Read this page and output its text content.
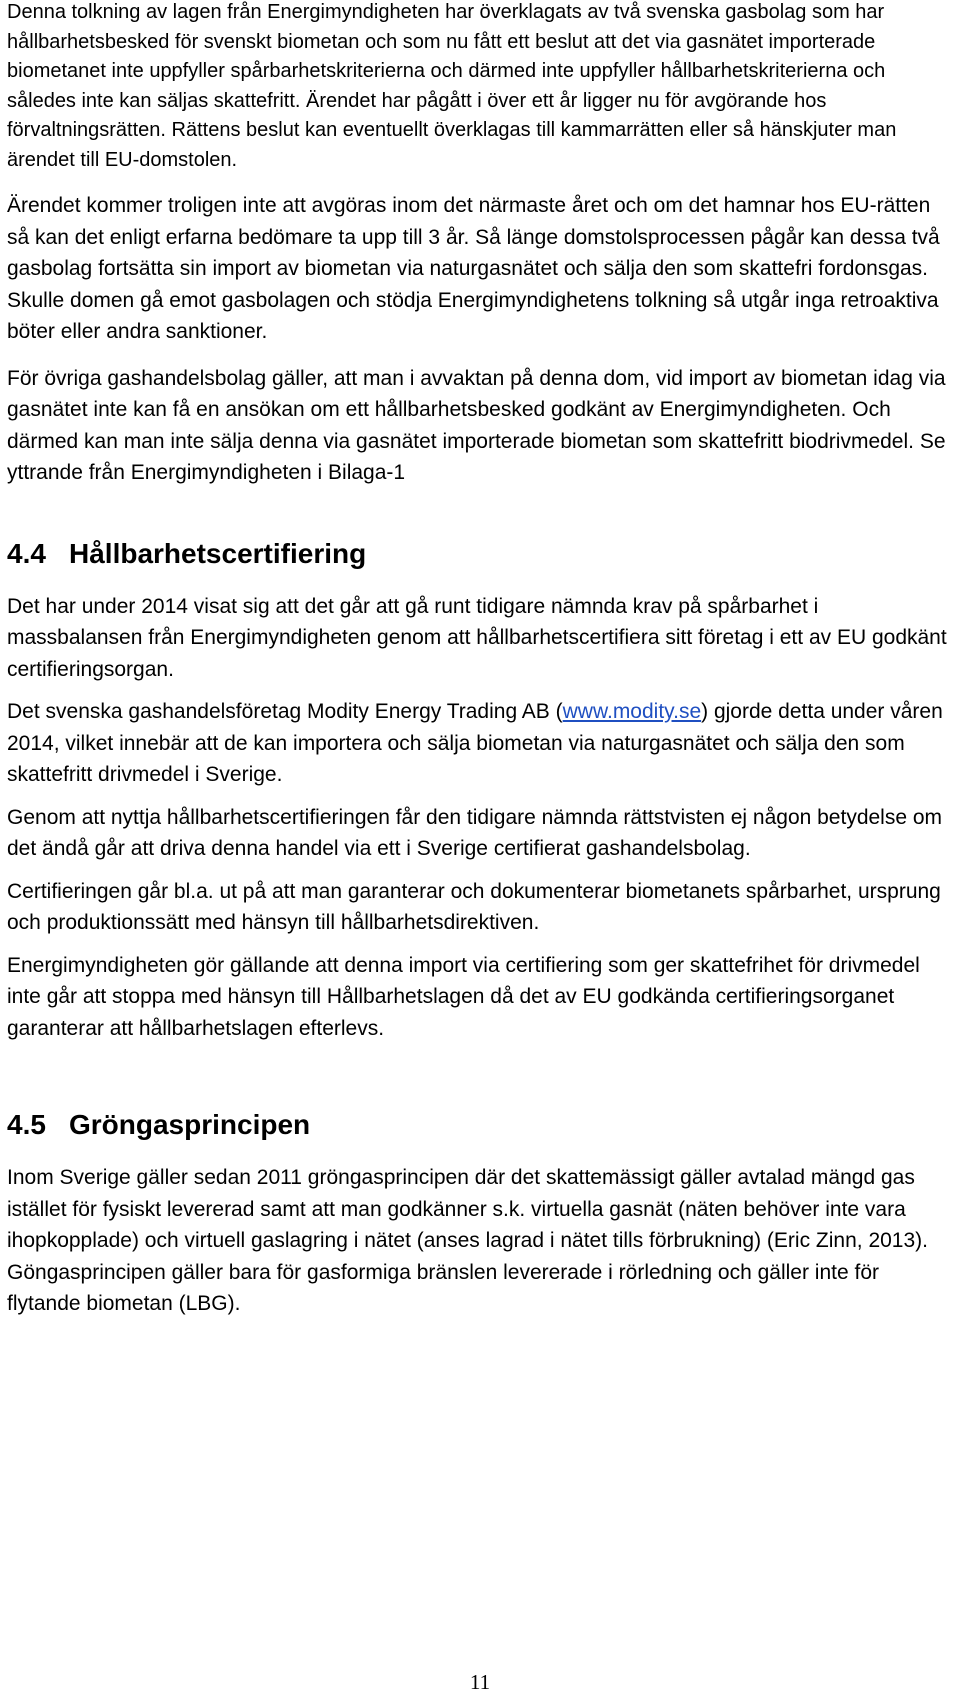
Denna tolkning av lagen från Energimyndigheten har överklagats av två svenska gasbolag som har hållbarhetsbesked för svenskt biometan och som nu fått ett beslut att det via gasnätet importerade biometanet inte uppfyller spårbarhetskriterierna och därmed inte uppfyller hållbarhetskriterierna och således inte kan säljas skattefritt. Ärendet har pågått i över ett år ligger nu för avgörande hos förvaltningsrätten. Rättens beslut kan eventuellt överklagas till kammarrätten eller så hänskjuter man ärendet till EU-domstolen.

Ärendet kommer troligen inte att avgöras inom det närmaste året och om det hamnar hos EU-rätten så kan det enligt erfarna bedömare ta upp till 3 år. Så länge domstolsprocessen pågår kan dessa två gasbolag fortsätta sin import av biometan via naturgasnätet och sälja den som skattefri fordonsgas. Skulle domen gå emot gasbolagen och stödja Energimyndighetens tolkning så utgår inga retroaktiva böter eller andra sanktioner.

För övriga gashandelsbolag gäller, att man i avvaktan på denna dom, vid import av biometan idag via gasnätet inte kan få en ansökan om ett hållbarhetsbesked godkänt av Energimyndigheten. Och därmed kan man inte sälja denna via gasnätet importerade biometan som skattefritt biodrivmedel. Se yttrande från Energimyndigheten i Bilaga-1

4.4 Hållbarhetscertifiering

Det har under 2014 visat sig att det går att gå runt tidigare nämnda krav på spårbarhet i massbalansen från Energimyndigheten genom att hållbarhetscertifiera sitt företag i ett av EU godkänt certifieringsorgan.

Det svenska gashandelsföretag Modity Energy Trading AB (www.modity.se) gjorde detta under våren 2014, vilket innebär att de kan importera och sälja biometan via naturgasnätet och sälja den som skattefritt drivmedel i Sverige.

Genom att nyttja hållbarhetscertifieringen får den tidigare nämnda rättstvisten ej någon betydelse om det ändå går att driva denna handel via ett i Sverige certifierat gashandelsbolag.

Certifieringen går bl.a. ut på att man garanterar och dokumenterar biometanets spårbarhet, ursprung och produktionssätt med hänsyn till hållbarhetsdirektiven.

Energimyndigheten gör gällande att denna import via certifiering som ger skattefrihet för drivmedel inte går att stoppa med hänsyn till Hållbarhetslagen då det av EU godkända certifieringsorganet garanterar att hållbarhetslagen efterlevs.

4.5 Gröngasprincipen

Inom Sverige gäller sedan 2011 gröngasprincipen där det skattemässigt gäller avtalad mängd gas istället för fysiskt levererad samt att man godkänner s.k. virtuella gasnät (näten behöver inte vara ihopkopplade) och virtuell gaslagring i nätet (anses lagrad i nätet tills förbrukning) (Eric Zinn, 2013). Göngasprincipen gäller bara för gasformiga bränslen levererade i rörledning och gäller inte för flytande biometan (LBG).

11
